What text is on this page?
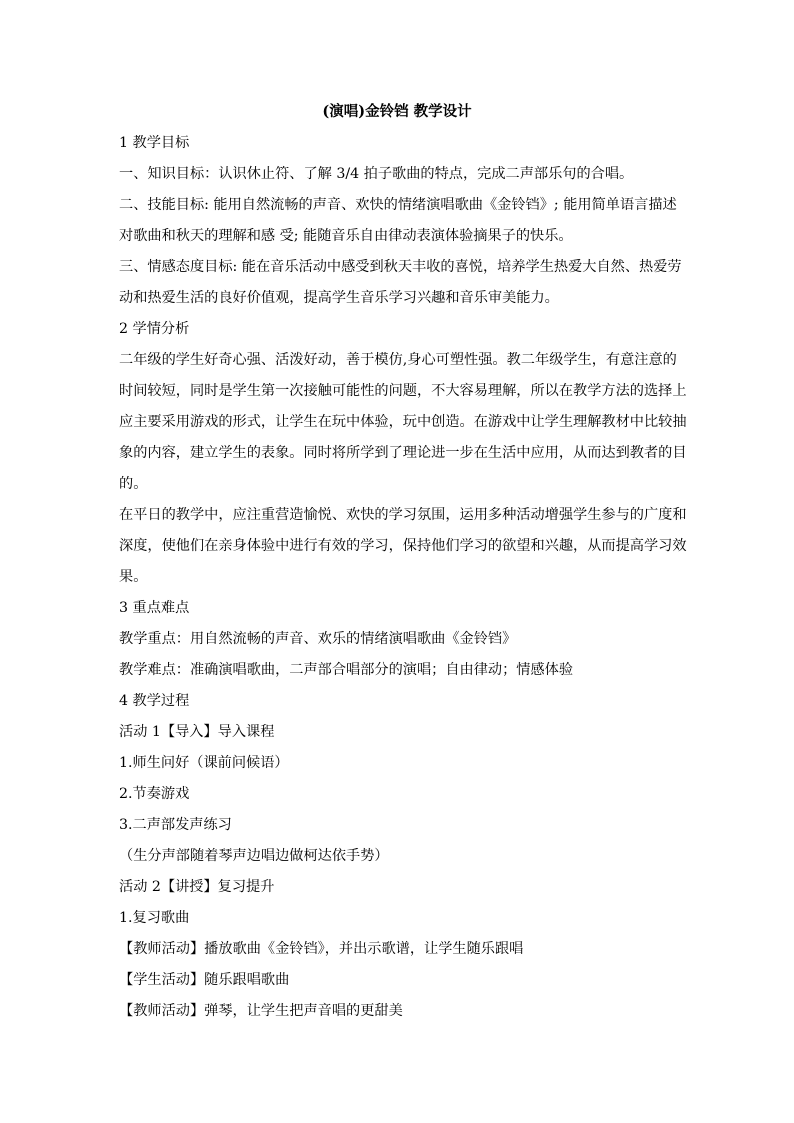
(演唱)金铃铛 教学设计
1 教学目标
一、知识目标：认识休止符、了解 3/4 拍子歌曲的特点，完成二声部乐句的合唱。
二、技能目标: 能用自然流畅的声音、欢快的情绪演唱歌曲《金铃铛》; 能用简单语言描述
对歌曲和秋天的理解和感 受; 能随音乐自由律动表演体验摘果子的快乐。
三、情感态度目标: 能在音乐活动中感受到秋天丰收的喜悦，培养学生热爱大自然、热爱劳
动和热爱生活的良好价值观，提高学生音乐学习兴趣和音乐审美能力。
2 学情分析
二年级的学生好奇心强、活泼好动，善于模仿,身心可塑性强。教二年级学生，有意注意的
时间较短，同时是学生第一次接触可能性的问题，不大容易理解，所以在教学方法的选择上
应主要采用游戏的形式，让学生在玩中体验，玩中创造。在游戏中让学生理解教材中比较抽
象的内容，建立学生的表象。同时将所学到了理论进一步在生活中应用，从而达到教者的目
的。
在平日的教学中，应注重营造愉悦、欢快的学习氛围，运用多种活动增强学生参与的广度和
深度，使他们在亲身体验中进行有效的学习，保持他们学习的欲望和兴趣，从而提高学习效
果。
3 重点难点
教学重点：用自然流畅的声音、欢乐的情绪演唱歌曲《金铃铛》
教学难点：准确演唱歌曲，二声部合唱部分的演唱；自由律动；情感体验
4 教学过程
活动 1【导入】导入课程
1.师生问好（课前问候语）
2.节奏游戏
3.二声部发声练习
（生分声部随着琴声边唱边做柯达依手势）
活动 2【讲授】复习提升
1.复习歌曲
【教师活动】播放歌曲《金铃铛》，并出示歌谱，让学生随乐跟唱
【学生活动】随乐跟唱歌曲
【教师活动】弹琴，让学生把声音唱的更甜美
